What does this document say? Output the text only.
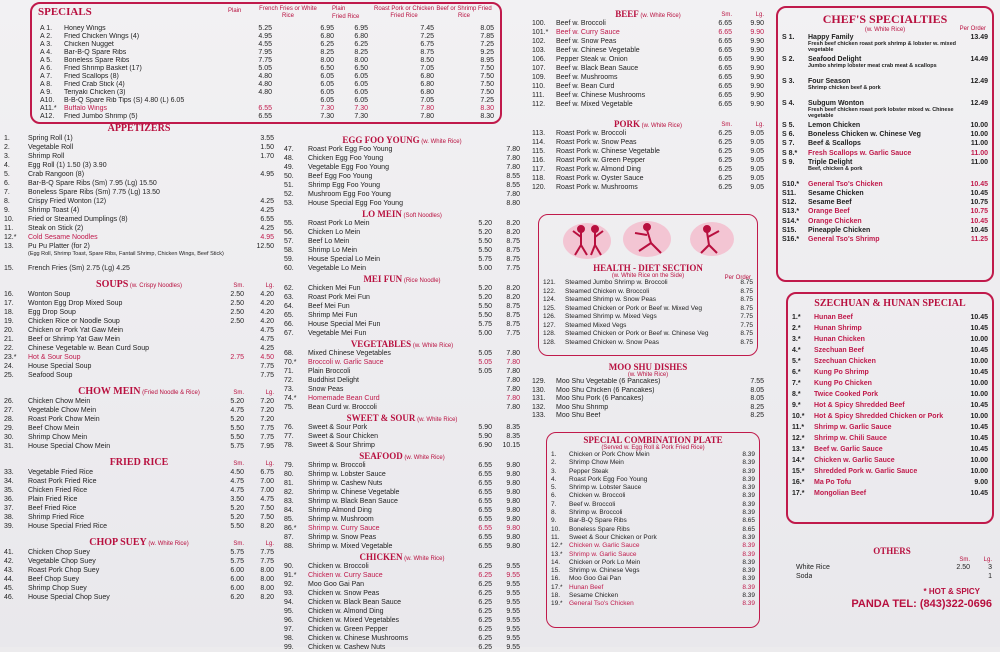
SPECIALS	Plain	French Fries or White Rice
Plain
Fried Rice
Roast Pork or Chicken Fried Rice
Beef or Shrimp Fried Rice
A 1.	Honey Wings	5.25	6.95	6.95	7.45	8.05
A 2.	Fried Chicken Wings (4)	4.95	6.80	6.80	7.25	7.85
A 3.	Chicken Nugget	4.55	6.25	6.25	6.75	7.25
A 4.	Bar-B-Q Spare Ribs	7.95	8.25	8.25	8.75	9.25
A 5.	Boneless Spare Ribs	7.75	8.00	8.00	8.50	8.95
A 6.	Fried Shrimp Basket (17)	5.05	6.50	6.50	7.05	7.50
A 7.	Fried Scallops (8)	4.80	6.05	6.05	6.80	7.50
A 8.	Fried Crab Stick (4)	4.80	6.05	6.05	6.80	7.50
A 9.	Teriyaki Chicken (3)	4.80	6.05	6.05	6.80	7.50
A10.	B-B-Q Spare Rib Tips (S) 4.80 (L) 6.05	6.05	6.05	7.05	7.25
A11.*	Buffalo Wings	6.55	7.30	7.30	7.80	8.30
A12.	Fried Jumbo Shrimp (5)	6.55	7.30	7.30	7.80	8.30
APPETIZERS
1.	Spring Roll (1)	3.55
2.	Vegetable Roll	1.50
3.	Shrimp Roll	1.70
4.	Egg Roll (1) 1.50 (3) 3.90
5.	Crab Rangoon (8)	4.95
6.	Bar-B-Q Spare Ribs (Sm) 7.95 (Lg) 15.50
7.	Boneless Spare Ribs (Sm) 7.75 (Lg) 13.50
8.	Crispy Fried Wonton (12)	4.25
9.	Shrimp Toast (4)	4.25
10.	Fried or Steamed Dumplings (8)	6.55
11.	Steak on Stick (2)	4.25
12.*	Cold Sesame Noodles	4.95
13.	Pu Pu Platter (for 2)	12.50
(Egg Roll, Shrimp Toast, Spare Ribs, Fantail Shrimp, Chicken Wings, Beef Stick)
15.	French Fries (Sm) 2.75 (Lg) 4.25
SOUPS (w. Crispy Noodles)	Sm.	Lg.
16.	Wonton Soup	2.50	4.20
17.	Wonton Egg Drop Mixed Soup	2.50	4.20
18.	Egg Drop Soup	2.50	4.20
19.	Chicken Rice or Noodle Soup	2.50	4.20
20.	Chicken or Pork Yat Gaw Mein	4.75
21.	Beef or Shrimp Yat Gaw Mein	4.75
22.	Chinese Vegetable w. Bean Curd Soup	4.25
23.*	Hot & Sour Soup	2.75	4.50
24.	House Special Soup	7.75
25.	Seafood Soup	7.75
CHOW MEIN (Fried Noodle & Rice)	Sm.	Lg.
26.	Chicken Chow Mein	5.20	7.20
27.	Vegetable Chow Mein	4.75	7.20
28.	Roast Pork Chow Mein	5.20	7.20
29.	Beef Chow Mein	5.50	7.75
30.	Shrimp Chow Mein	5.50	7.75
31.	House Special Chow Mein	5.75	7.95
FRIED RICE	Sm.	Lg.
33.	Vegetable Fried Rice	4.50	6.75
34.	Roast Pork Fried Rice	4.75	7.00
35.	Chicken Fried Rice	4.75	7.00
36.	Plain Fried Rice	3.50	4.75
37.	Beef Fried Rice	5.20	7.50
38.	Shrimp Fried Rice	5.20	7.50
39.	House Special Fried Rice	5.50	8.20
CHOP SUEY (w. White Rice)	Sm.	Lg.
41.	Chicken Chop Suey	5.75	7.75
42.	Vegetable Chop Suey	5.75	7.75
43.	Roast Pork Chop Suey	6.00	8.00
44.	Beef Chop Suey	6.00	8.00
45.	Shrimp Chop Suey	6.00	8.00
46.	House Special Chop Suey	6.20	8.20
EGG FOO YOUNG (w. White Rice)
47.	Roast Pork Egg Foo Young	7.80
48.	Chicken Egg Foo Young	7.80
49.	Vegetable Egg Foo Young	7.80
50.	Beef Egg Foo Young	8.55
51.	Shrimp Egg Foo Young	8.55
52.	Mushroom Egg Foo Young	7.80
53.	House Special Egg Foo Young	8.80
LO MEIN (Soft Noodles)
55.	Roast Pork Lo Mein	5.20	8.20
56.	Chicken Lo Mein	5.20	8.20
57.	Beef Lo Mein	5.50	8.75
58.	Shrimp Lo Mein	5.50	8.75
59.	House Special Lo Mein	5.75	8.75
60.	Vegetable Lo Mein	5.00	7.75
MEI FUN (Rice Noodle)
62.	Chicken Mei Fun	5.20	8.20
63.	Roast Pork Mei Fun	5.20	8.20
64.	Beef Mei Fun	5.50	8.75
65.	Shrimp Mei Fun	5.50	8.75
66.	House Special Mei Fun	5.75	8.75
67.	Vegetable Mei Fun	5.00	7.75
VEGETABLES (w. White Rice)
68.	Mixed Chinese Vegetables	5.05	7.80
70.*	Broccoli w. Garlic Sauce	5.05	7.80
71.	Plain Broccoli	5.05	7.80
72.	Buddhist Delight	7.80
73.	Snow Peas	7.80
74.*	Homemade Bean Curd	7.80
75.	Bean Curd w. Broccoli	7.80
SWEET & SOUR (w. White Rice)
76.	Sweet & Sour Pork	5.90	8.35
77.	Sweet & Sour Chicken	5.90	8.35
78.	Sweet & Sour Shrimp	6.90	10.15
SEAFOOD (w. White Rice)
79.	Shrimp w. Broccoli	6.55	9.80
80.	Shrimp w. Lobster Sauce	6.55	9.80
81.	Shrimp w. Cashew Nuts	6.55	9.80
82.	Shrimp w. Chinese Vegetable	6.55	9.80
83.	Shrimp w. Black Bean Sauce	6.55	9.80
84.	Shrimp Almond Ding	6.55	9.80
85.	Shrimp w. Mushroom	6.55	9.80
86.*	Shrimp w. Curry Sauce	6.55	9.80
87.	Shrimp w. Snow Peas	6.55	9.80
88.	Shrimp w. Mixed Vegetable	6.55	9.80
CHICKEN (w. White Rice)
90.	Chicken w. Broccoli	6.25	9.55
91.*	Chicken w. Curry Sauce	6.25	9.55
92.	Moo Goo Gai Pan	6.25	9.55
93.	Chicken w. Snow Peas	6.25	9.55
94.	Chicken w. Black Bean Sauce	6.25	9.55
95.	Chicken w. Almond Ding	6.25	9.55
96.	Chicken w. Mixed Vegetables	6.25	9.55
97.	Chicken w. Green Pepper	6.25	9.55
98.	Chicken w. Chinese Mushrooms	6.25	9.55
99.	Chicken w. Cashew Nuts	6.25	9.55
BEEF (w. White Rice)	Sm.	Lg.
100.	Beef w. Broccoli	6.65	9.90
101.*	Beef w. Curry Sauce	6.65	9.90
102.	Beef w. Snow Peas	6.65	9.90
103.	Beef w. Chinese Vegetable	6.65	9.90
106.	Pepper Steak w. Onion	6.65	9.90
107.	Beef w. Black Bean Sauce	6.65	9.90
109.	Beef w. Mushrooms	6.65	9.90
110.	Beef w. Bean Curd	6.65	9.90
111.	Beef w. Chinese Mushrooms	6.65	9.90
112.	Beef w. Mixed Vegetable	6.65	9.90
PORK (w. White Rice)	Sm.	Lg.
113.	Roast Pork w. Broccoli	6.25	9.05
114.	Roast Pork w. Snow Peas	6.25	9.05
115.	Roast Pork w. Chinese Vegetable	6.25	9.05
116.	Roast Pork w. Green Pepper	6.25	9.05
117.	Roast Pork w. Almond Ding	6.25	9.05
118.	Roast Pork w. Oyster Sauce	6.25	9.05
120.	Roast Pork w. Mushrooms	6.25	9.05
HEALTH - DIET SECTION
(w. White Rice on the Side)	Per Order
121.	Steamed Jumbo Shrimp w. Broccoli	8.75
122.	Steamed Chicken w. Broccoli	8.75
124.	Steamed Shrimp w. Snow Peas	8.75
125.	Steamed Chicken or Pork or Beef w. Mixed Veg	8.75
126.	Steamed Shrimp w. Mixed Vegs	7.75
127.	Steamed Mixed Vegs	7.75
128.	Steamed Chicken or Pork or Beef w. Chinese Veg	8.75
128.	Steamed Chicken w. Snow Peas	8.75
MOO SHU DISHES
(w. White Rice)
129.	Moo Shu Vegetable (6 Pancakes)	7.55
130.	Moo Shu Chicken (6 Pancakes)	8.05
131.	Moo Shu Pork (6 Pancakes)	8.05
132.	Moo Shu Shrimp	8.25
133.	Moo Shu Beef	8.25
SPECIAL COMBINATION PLATE
(Served w. Egg Roll & Pork Fried Rice)
1.	Chicken or Pork Chow Mein	8.39
2.	Shrimp Chow Mein	8.39
3.	Pepper Steak	8.39
4.	Roast Pork Egg Foo Young	8.39
5.	Shrimp w. Lobster Sauce	8.39
6.	Chicken w. Broccoli	8.39
7.	Beef w. Broccoli	8.39
8.	Shrimp w. Broccoli	8.39
9.	Bar-B-Q Spare Ribs	8.65
10.	Boneless Spare Ribs	8.65
11.	Sweet & Sour Chicken or Pork	8.39
12.* Chicken w. Garlic Sauce	8.39
13.* Shrimp w. Garlic Sauce	8.39
14.	Chicken or Pork Lo Mein	8.39
15.	Shrimp w. Chinese Vegs	8.39
16.	Moo Goo Gai Pan	8.39
17.* Hunan Beef	8.39
18.	Sesame Chicken	8.39
19.* General Tso's Chicken	8.39
CHEF'S SPECIALTIES
(w. White Rice)	Per Order
S 1.	Happy Family	13.49
Fresh beef chicken roast pork shrimp & lobster w. mixed vegetable
S 2.	Seafood Delight	14.49
Jumbo shrimp lobster meat crab meat & scallops
S 3.	Four Season	12.49
Shrimp chicken beef & pork
S 4.	Subgum Wonton	12.49
Fresh beef chicken roast pork lobster mixed w. Chinese vegetable
S 5.	Lemon Chicken	10.00
S 6.	Boneless Chicken w. Chinese Veg	10.00
S 7.	Beef & Scallops	11.00
S 8.*	Fresh Scallops w. Garlic Sauce	11.00
S 9.	Triple Delight	11.00
Beef, chicken & pork
S10.*	General Tso's Chicken	10.45
S11.	Sesame Chicken	10.45
S12.	Sesame Beef	10.75
S13.*	Orange Beef	10.75
S14.*	Orange Chicken	10.45
S15.	Pineapple Chicken	10.45
S16.*	General Tso's Shrimp	11.25
SZECHUAN & HUNAN SPECIAL
1.*	Hunan Beef	10.45
2.*	Hunan Shrimp	10.45
3.*	Hunan Chicken	10.00
4.*	Szechuan Beef	10.45
5.*	Szechuan Chicken	10.00
6.*	Kung Po Shrimp	10.45
7.*	Kung Po Chicken	10.00
8.*	Twice Cooked Pork	10.00
9.*	Hot & Spicy Shredded Beef	10.45
10.*	Hot & Spicy Shredded Chicken or Pork	10.00
11.*	Shrimp w. Garlic Sauce	10.45
12.*	Shrimp w. Chili Sauce	10.45
13.*	Beef w. Garlic Sauce	10.45
14.*	Chicken w. Garlic Sauce	10.00
15.*	Shredded Pork w. Garlic Sauce	10.00
16.*	Ma Po Tofu	9.00
17.*	Mongolian Beef	10.45
OTHERS
Sm.	Lg.
White Rice	2.50	3
Soda	1
* HOT & SPICY
PANDA TEL: (843)322-0696
